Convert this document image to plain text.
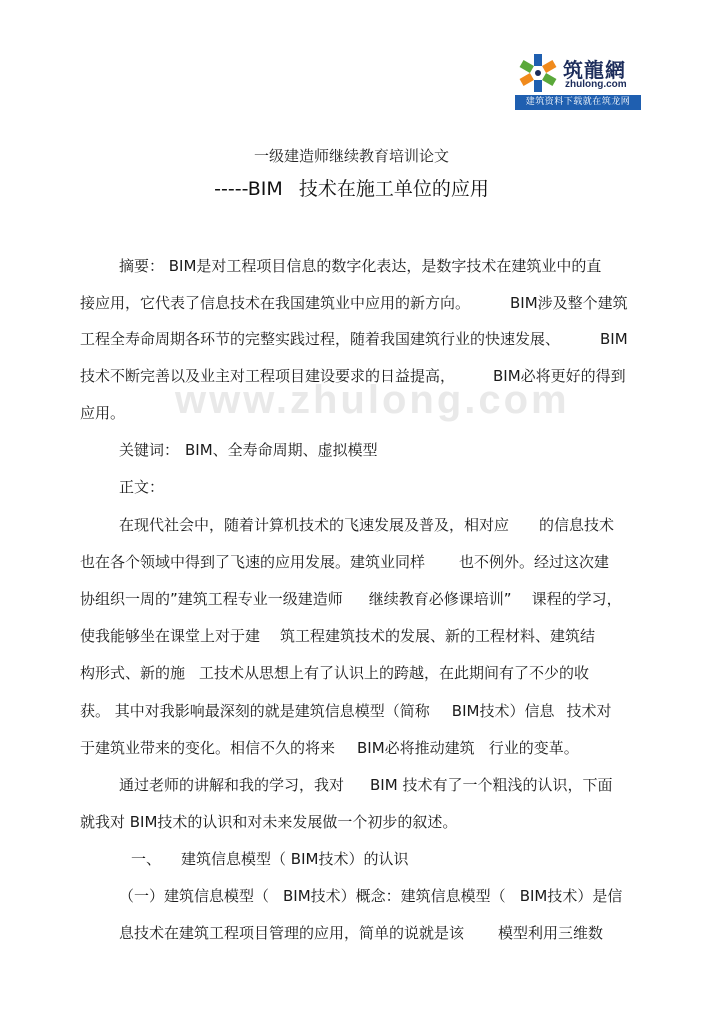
筑龍網
zhulong.com
建筑资料下载就在筑龙网
www.zhulong.com
一级建造师继续教育培训论文
-----BIM 技术在施工单位的应用
摘要： BIM是对工程项目信息的数字化表达，是数字技术在建筑业中的直
接应用，它代表了信息技术在我国建筑业中应用的新方向。	BIM涉及整个建筑
工程全寿命周期各环节的完整实践过程，随着我国建筑行业的快速发展、	BIM
技术不断完善以及业主对工程项目建设要求的日益提高，	BIM必将更好的得到
应用。
关键词： BIM、全寿命周期、虚拟模型
正文：
在现代社会中，随着计算机技术的飞速发展及普及，相对应 的信息技术
也在各个领域中得到了飞速的应用发展。建筑业同样 也不例外。经过这次建
协组织一周的”建筑工程专业一级建造师 继续教育必修课培训” 课程的学习，
使我能够坐在课堂上对于建 筑工程建筑技术的发展、新的工程材料、建筑结
构形式、新的施 工技术从思想上有了认识上的跨越，在此期间有了不少的收
获。 其中对我影响最深刻的就是建筑信息模型（简称 BIM技术）信息 技术对
于建筑业带来的变化。相信不久的将来 BIM必将推动建筑 行业的变革。
通过老师的讲解和我的学习，我对 BIM 技术有了一个粗浅的认识，下面
就我对 BIM技术的认识和对未来发展做一个初步的叙述。
一、 建筑信息模型（ BIM技术）的认识
（一）建筑信息模型（ BIM技术）概念：建筑信息模型（ BIM技术）是信
息技术在建筑工程项目管理的应用，简单的说就是该 模型利用三维数
